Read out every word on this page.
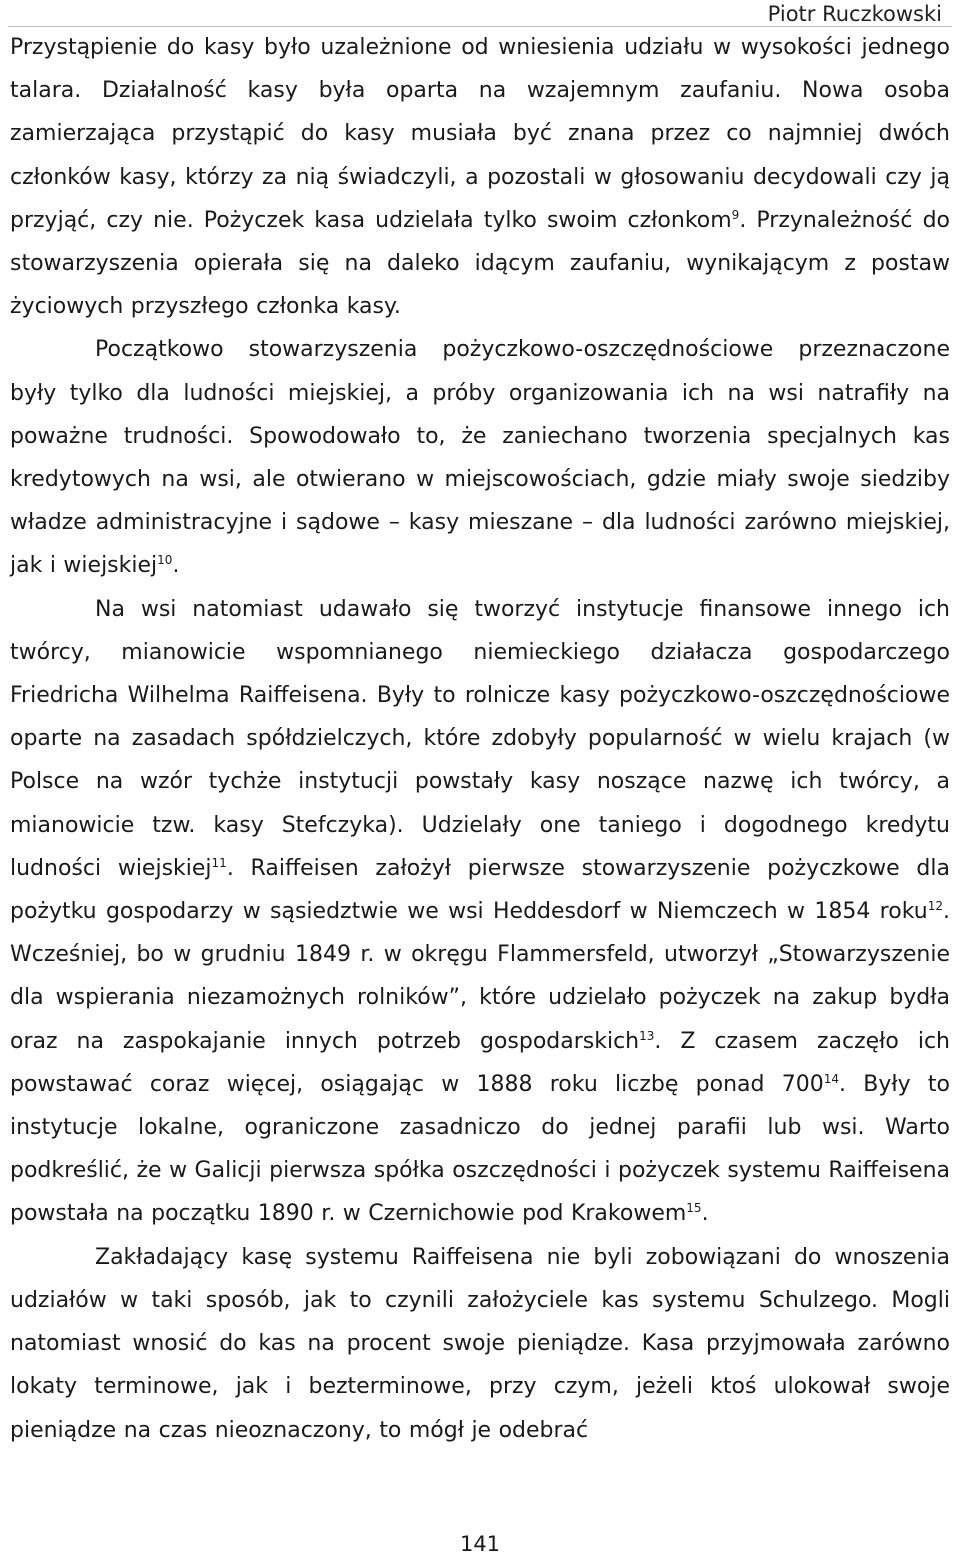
Piotr Ruczkowski

Przystąpienie do kasy było uzależnione od wniesienia udziału w wysokości jednego talara. Działalność kasy była oparta na wzajemnym zaufaniu. Nowa osoba zamierzająca przystąpić do kasy musiała być znana przez co najmniej dwóch członków kasy, którzy za nią świadczyli, a pozostali w głosowaniu decydowali czy ją przyjąć, czy nie. Pożyczek kasa udzielała tylko swoim członkom$^9$. Przynależność do stowarzyszenia opierała się na daleko idącym zaufaniu, wynikającym z postaw życiowych przyszłego członka kasy.

Początkowo stowarzyszenia pożyczkowo-oszczędnościowe przeznaczone były tylko dla ludności miejskiej, a próby organizowania ich na wsi natrafiły na poważne trudności. Spowodowało to, że zaniechano tworzenia specjalnych kas kredytowych na wsi, ale otwierano w miejscowościach, gdzie miały swoje siedziby władze administracyjne i sądowe – kasy mieszane – dla ludności zarówno miejskiej, jak i wiejskiej$^{10}$.

Na wsi natomiast udawało się tworzyć instytucje finansowe innego ich twórcy, mianowicie wspomnianego niemieckiego działacza gospodarczego Friedricha Wilhelma Raiffeisena. Były to rolnicze kasy pożyczkowo-oszczędnościowe oparte na zasadach spółdzielczych, które zdobyły popularność w wielu krajach (w Polsce na wzór tychże instytucji powstały kasy noszące nazwę ich twórcy, a mianowicie tzw. kasy Stefczyka). Udzielały one taniego i dogodnego kredytu ludności wiejskiej$^{11}$. Raiffeisen założył pierwsze stowarzyszenie pożyczkowe dla pożytku gospodarzy w sąsiedztwie we wsi Heddesdorf w Niemczech w 1854 roku$^{12}$. Wcześniej, bo w grudniu 1849 r. w okręgu Flammersfeld, utworzył „Stowarzyszenie dla wspierania niezamożnych rolników”, które udzielało pożyczek na zakup bydła oraz na zaspokajanie innych potrzeb gospodarskich$^{13}$. Z czasem zaczęło ich powstawać coraz więcej, osiągając w 1888 roku liczbę ponad $700^{14}$. Były to instytucje lokalne, ograniczone zasadniczo do jednej parafii lub wsi. Warto podkreślić, że w Galicji pierwsza spółka oszczędności i pożyczek systemu Raiffeisena powstała na początku 1890 r. w Czernichowie pod Krakowem$^{15}$.

Zakładający kasę systemu Raiffeisena nie byli zobowiązani do wnoszenia udziałów w taki sposób, jak to czynili założyciele kas systemu Schulzego. Mogli natomiast wnosić do kas na procent swoje pieniądze. Kasa przyjmowała zarówno lokaty terminowe, jak i bezterminowe, przy czym, jeżeli ktoś ulokował swoje pieniądze na czas nieoznaczony, to mógł je odebrać

141
